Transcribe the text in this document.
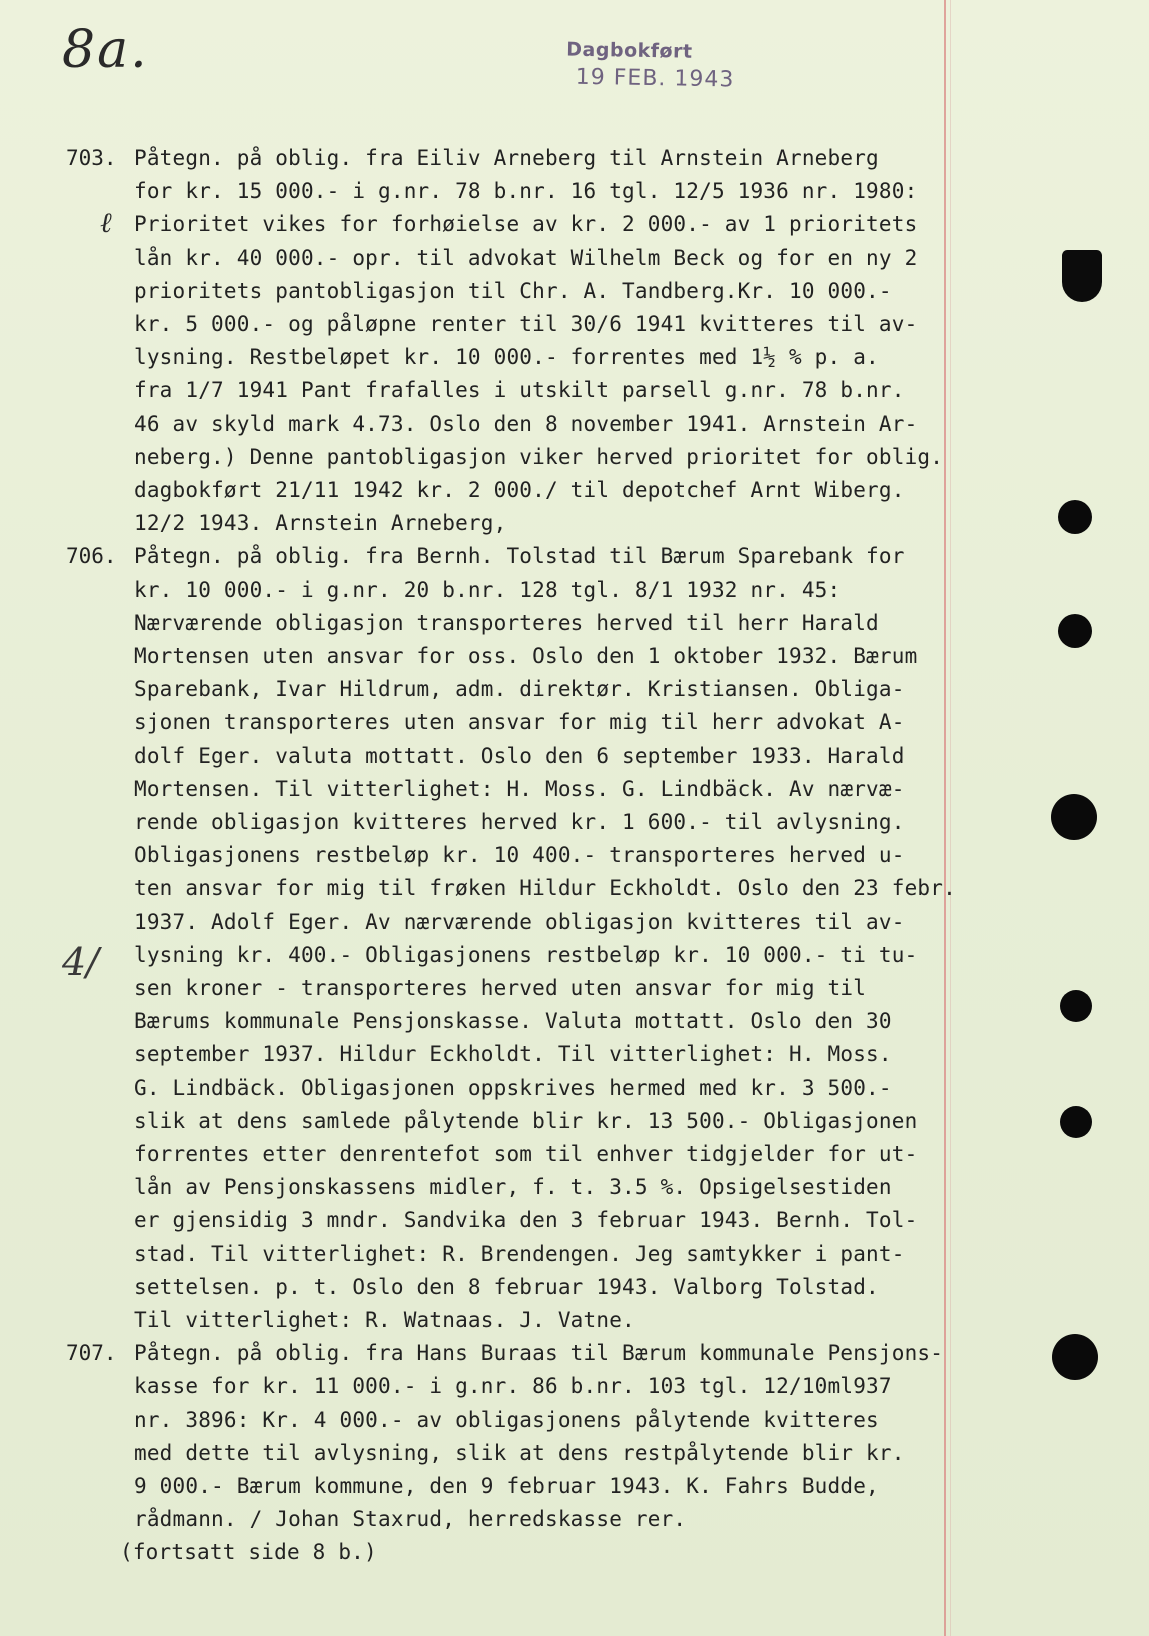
8a.	Dagbokført
19 FEB. 1943
ℓ
4/
703. Påtegn. på oblig. fra Eiliv Arneberg til Arnstein Arneberg
for kr. 15 000.- i g.nr. 78 b.nr. 16 tgl. 12/5 1936 nr. 1980:
Prioritet vikes for forhøielse av kr. 2 000.- av 1 prioritets
lån kr. 40 000.- opr. til advokat Wilhelm Beck og for en ny 2
prioritets pantobligasjon til Chr. A. Tandberg.Kr. 10 000.-
kr. 5 000.- og påløpne renter til 30/6 1941 kvitteres til av-
lysning. Restbeløpet kr. 10 000.- forrentes med 1½ % p. a.
fra 1/7 1941 Pant frafalles i utskilt parsell g.nr. 78 b.nr.
46 av skyld mark 4.73. Oslo den 8 november 1941. Arnstein Ar-
neberg.) Denne pantobligasjon viker herved prioritet for oblig.
dagbokført 21/11 1942 kr. 2 000./ til depotchef Arnt Wiberg.
12/2 1943. Arnstein Arneberg,
706. Påtegn. på oblig. fra Bernh. Tolstad til Bærum Sparebank for
kr. 10 000.- i g.nr. 20 b.nr. 128 tgl. 8/1 1932 nr. 45:
Nærværende obligasjon transporteres herved til herr Harald
Mortensen uten ansvar for oss. Oslo den 1 oktober 1932. Bærum
Sparebank, Ivar Hildrum, adm. direktør. Kristiansen. Obliga-
sjonen transporteres uten ansvar for mig til herr advokat A-
dolf Eger. valuta mottatt. Oslo den 6 september 1933. Harald
Mortensen. Til vitterlighet: H. Moss. G. Lindbäck. Av nærvæ-
rende obligasjon kvitteres herved kr. 1 600.- til avlysning.
Obligasjonens restbeløp kr. 10 400.- transporteres herved u-
ten ansvar for mig til frøken Hildur Eckholdt. Oslo den 23 febr.
1937. Adolf Eger. Av nærværende obligasjon kvitteres til av-
lysning kr. 400.- Obligasjonens restbeløp kr. 10 000.- ti tu-
sen kroner - transporteres herved uten ansvar for mig til
Bærums kommunale Pensjonskasse. Valuta mottatt. Oslo den 30
september 1937. Hildur Eckholdt. Til vitterlighet: H. Moss.
G. Lindbäck. Obligasjonen oppskrives hermed med kr. 3 500.-
slik at dens samlede pålytende blir kr. 13 500.- Obligasjonen
forrentes etter denrentefot som til enhver tidgjelder for ut-
lån av Pensjonskassens midler, f. t. 3.5 %. Opsigelsestiden
er gjensidig 3 mndr. Sandvika den 3 februar 1943. Bernh. Tol-
stad. Til vitterlighet: R. Brendengen. Jeg samtykker i pant-
settelsen. p. t. Oslo den 8 februar 1943. Valborg Tolstad.
Til vitterlighet: R. Watnaas. J. Vatne.
707. Påtegn. på oblig. fra Hans Buraas til Bærum kommunale Pensjons-
kasse for kr. 11 000.- i g.nr. 86 b.nr. 103 tgl. 12/10ml937
nr. 3896: Kr. 4 000.- av obligasjonens pålytende kvitteres
med dette til avlysning, slik at dens restpålytende blir kr.
9 000.- Bærum kommune, den 9 februar 1943. K. Fahrs Budde,
rådmann. / Johan Staxrud, herredskasse rer.
(fortsatt side 8 b.)
